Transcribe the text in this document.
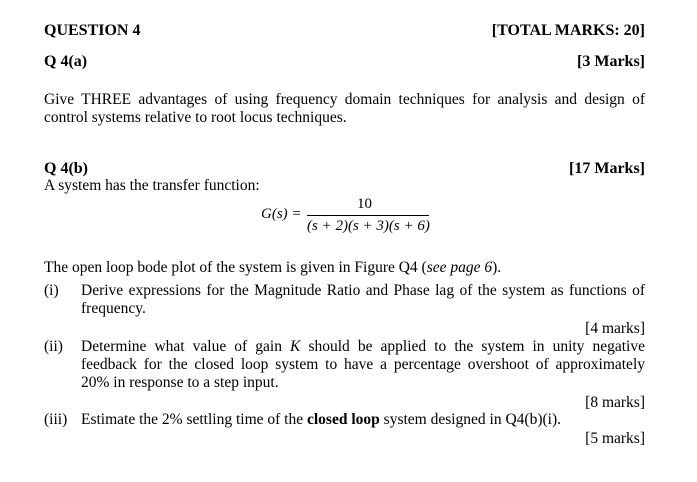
QUESTION 4	[TOTAL MARKS: 20]
Q 4(a)	[3 Marks]
Give THREE advantages of using frequency domain techniques for analysis and design of
control systems relative to root locus techniques.
Q 4(b)	[17 Marks]
A system has the transfer function:
G(s) =
10
(s + 2)(s + 3)(s + 6)
The open loop bode plot of the system is given in Figure Q4 (see page 6).
(i) Derive expressions for the Magnitude Ratio and Phase lag of the system as functions of
frequency.
[4 marks]
(ii) Determine what value of gain K should be applied to the system in unity negative
feedback for the closed loop system to have a percentage overshoot of approximately
20% in response to a step input.
[8 marks]
(iii) Estimate the 2% settling time of the closed loop system designed in Q4(b)(i).
[5 marks]
